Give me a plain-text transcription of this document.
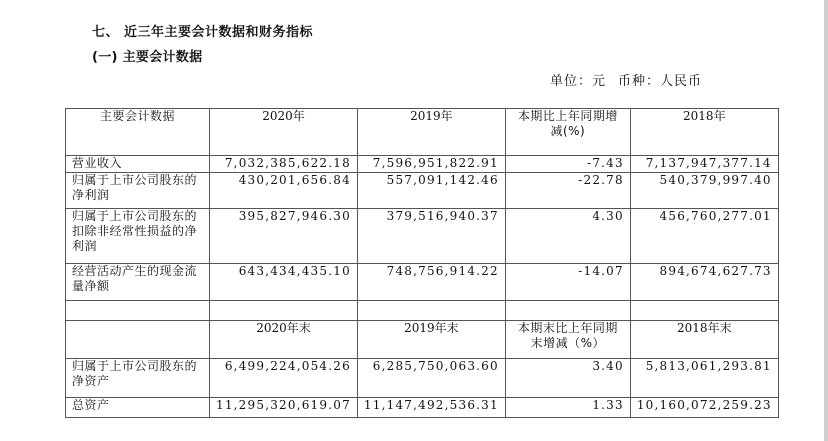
七、 近三年主要会计数据和财务指标
(一) 主要会计数据
单位：元 币种：人民币
主要会计数据	2020年	2019年	本期比上年同期增减(%)	2018年
营业收入	7,032,385,622.18	7,596,951,822.91	-7.43	7,137,947,377.14
归属于上市公司股东的净利润	430,201,656.84	557,091,142.46	-22.78	540,379,997.40
归属于上市公司股东的扣除非经常性损益的净利润	395,827,946.30	379,516,940.37	4.30	456,760,277.01
经营活动产生的现金流量净额	643,434,435.10	748,756,914.22	-14.07	894,674,627.73

	2020年末	2019年末	本期末比上年同期末增减（%）	2018年末
归属于上市公司股东的净资产	6,499,224,054.26	6,285,750,063.60	3.40	5,813,061,293.81
总资产	11,295,320,619.07	11,147,492,536.31	1.33	10,160,072,259.23
